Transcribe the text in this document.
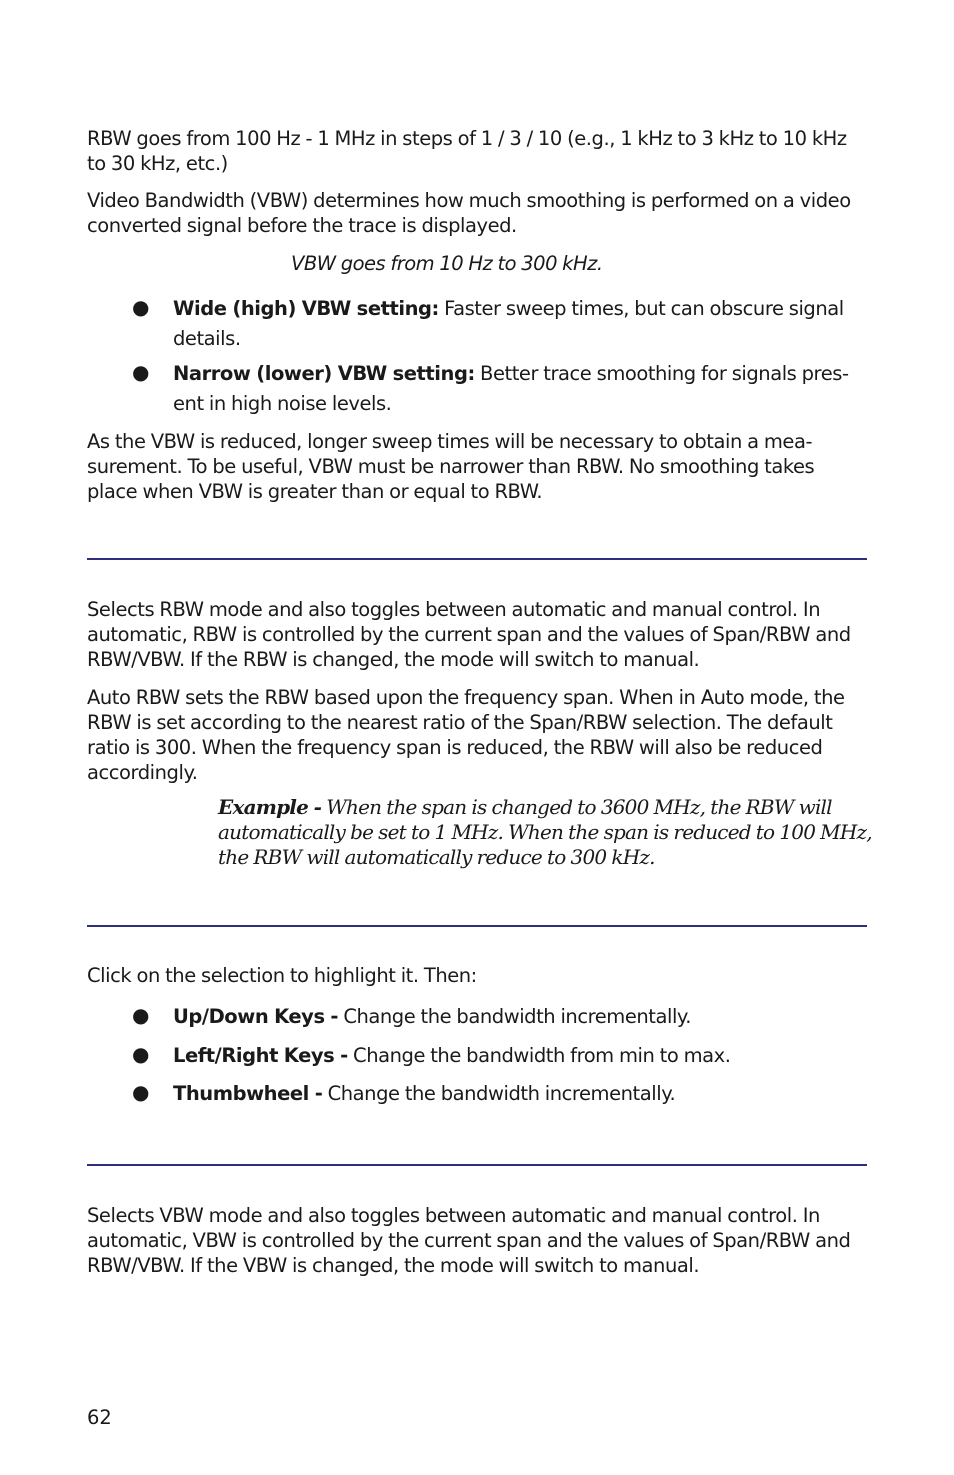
RBW goes from 100 Hz - 1 MHz in steps of 1 / 3 / 10 (e.g., 1 kHz to 3 kHz to 10 kHz to 30 kHz, etc.)

Video Bandwidth (VBW) determines how much smoothing is performed on a video converted signal before the trace is displayed.

VBW goes from 10 Hz to 300 kHz.
● Wide (high) VBW setting: Faster sweep times, but can obscure signal details.
● Narrow (lower) VBW setting: Better trace smoothing for signals pres-ent in high noise levels.

As the VBW is reduced, longer sweep times will be necessary to obtain a mea-surement. To be useful, VBW must be narrower than RBW. No smoothing takes place when VBW is greater than or equal to RBW.

Selects RBW mode and also toggles between automatic and manual control. In automatic, RBW is controlled by the current span and the values of Span/RBW and RBW/VBW. If the RBW is changed, the mode will switch to manual.

Auto RBW sets the RBW based upon the frequency span. When in Auto mode, the RBW is set according to the nearest ratio of the Span/RBW selection. The default ratio is 300. When the frequency span is reduced, the RBW will also be reduced accordingly.

Example - When the span is changed to 3600 MHz, the RBW will automatically be set to 1 MHz. When the span is reduced to 100 MHz, the RBW will automatically reduce to 300 kHz.

Click on the selection to highlight it. Then:

● Up/Down Keys - Change the bandwidth incrementally.
● Left/Right Keys - Change the bandwidth from min to max.
● Thumbwheel - Change the bandwidth incrementally.

Selects VBW mode and also toggles between automatic and manual control. In automatic, VBW is controlled by the current span and the values of Span/RBW and RBW/VBW. If the VBW is changed, the mode will switch to manual.

62
